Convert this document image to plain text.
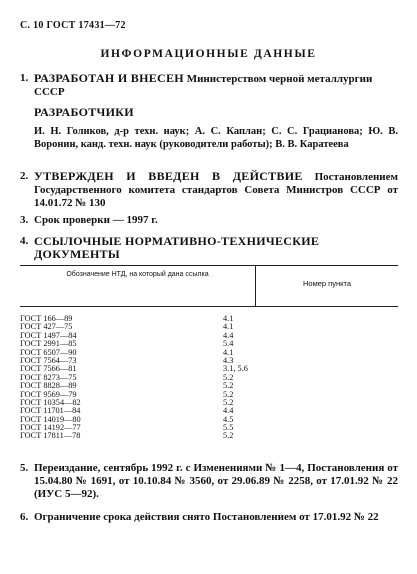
С. 10 ГОСТ 17431—72
ИНФОРМАЦИОННЫЕ ДАННЫЕ
1. РАЗРАБОТАН И ВНЕСЕН Министерством черной металлургии СССР
РАЗРАБОТЧИКИ
И. Н. Голиков, д-р техн. наук; А. С. Каплан; С. С. Грацианова; Ю. В. Воронин, канд. техн. наук (руководители работы); В. В. Каратеева
2. УТВЕРЖДЕН И ВВЕДЕН В ДЕЙСТВИЕ Постановлением Государственного комитета стандартов Совета Министров СССР от 14.01.72 № 130
3. Срок проверки — 1997 г.
4. ССЫЛОЧНЫЕ НОРМАТИВНО-ТЕХНИЧЕСКИЕ ДОКУМЕНТЫ
Обозначение НТД, на который дана ссылка
Номер пункта
ГОСТ 166—89	4.1
ГОСТ 427—75	4.1
ГОСТ 1497—84	4.4
ГОСТ 2991—85	5.4
ГОСТ 6507—90	4.1
ГОСТ 7564—73	4.3
ГОСТ 7566—81	3.1, 5.6
ГОСТ 8273—75	5.2
ГОСТ 8828—89	5.2
ГОСТ 9569—79	5.2
ГОСТ 10354—82	5.2
ГОСТ 11701—84	4.4
ГОСТ 14019—80	4.5
ГОСТ 14192—77	5.5
ГОСТ 17811—78	5.2
5. Переиздание, сентябрь 1992 г. с Изменениями № 1—4, Постановления от 15.04.80 № 1691, от 10.10.84 № 3560, от 29.06.89 № 2258, от 17.01.92 № 22 (ИУС 5—92).
6. Ограничение срока действия снято Постановлением от 17.01.92 № 22
